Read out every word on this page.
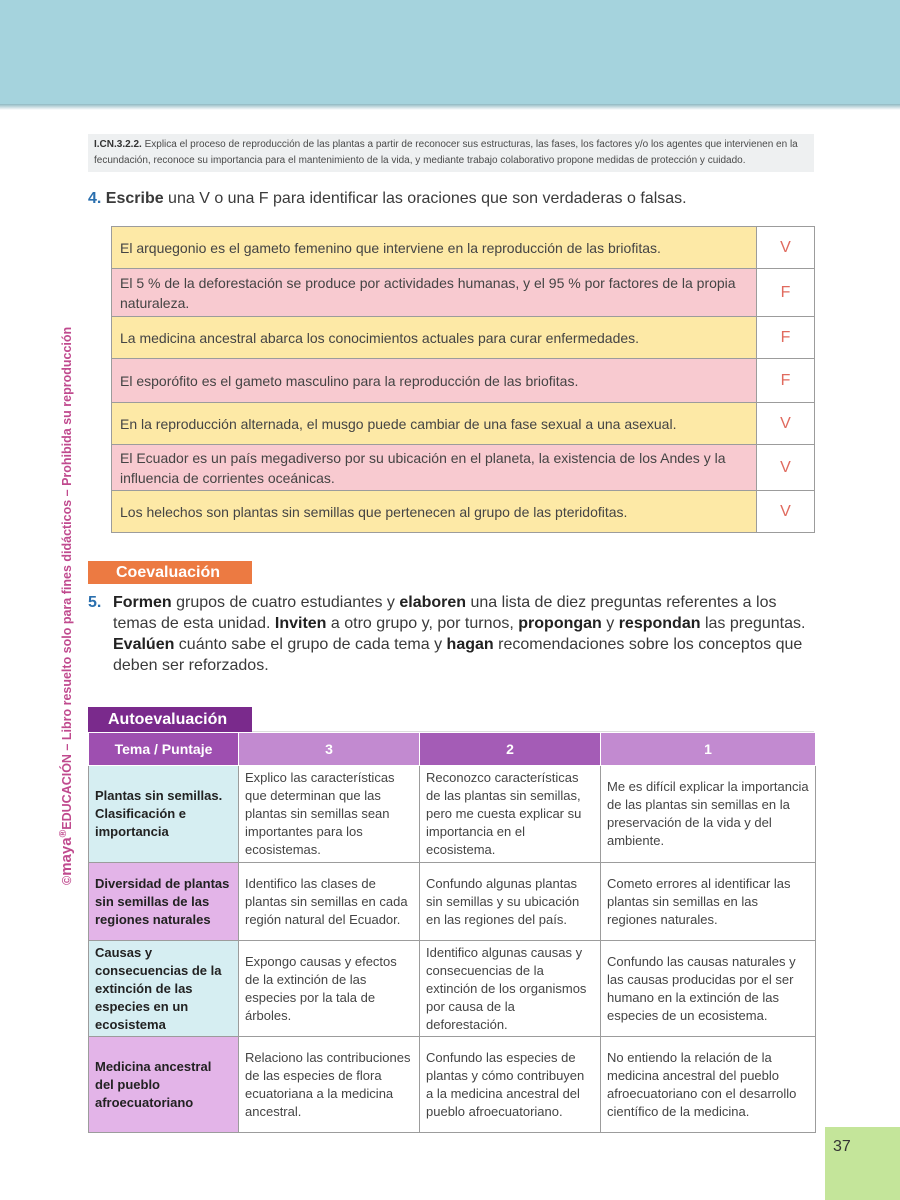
©maya®EDUCACIÓN – Libro resuelto solo para fines didácticos – Prohibida su reproducción
I.CN.3.2.2. Explica el proceso de reproducción de las plantas a partir de reconocer sus estructuras, las fases, los factores y/o los agentes que intervienen en la fecundación, reconoce su importancia para el mantenimiento de la vida, y mediante trabajo colaborativo propone medidas de protección y cuidado.
4. Escribe una V o una F para identificar las oraciones que son verdaderas o falsas.
El arquegonio es el gameto femenino que interviene en la reproducción de las briofitas.	V
El 5 % de la deforestación se produce por actividades humanas, y el 95 % por factores de la propia naturaleza.	F
La medicina ancestral abarca los conocimientos actuales para curar enfermedades.	F
El esporófito es el gameto masculino para la reproducción de las briofitas.	F
En la reproducción alternada, el musgo puede cambiar de una fase sexual a una asexual.	V
El Ecuador es un país megadiverso por su ubicación en el planeta, la existencia de los Andes y la influencia de corrientes oceánicas.	V
Los helechos son plantas sin semillas que pertenecen al grupo de las pteridofitas.	V
Coevaluación
5. Formen grupos de cuatro estudiantes y elaboren una lista de diez preguntas referentes a los temas de esta unidad. Inviten a otro grupo y, por turnos, propongan y respondan las preguntas. Evalúen cuánto sabe el grupo de cada tema y hagan recomendaciones sobre los conceptos que deben ser reforzados.
Autoevaluación
Tema / Puntaje	3	2	1
Plantas sin semillas. Clasificación e importancia	Explico las características que determinan que las plantas sin semillas sean importantes para los ecosistemas.	Reconozco características de las plantas sin semillas, pero me cuesta explicar su importancia en el ecosistema.	Me es difícil explicar la importancia de las plantas sin semillas en la preservación de la vida y del ambiente.
Diversidad de plantas sin semillas de las regiones naturales	Identifico las clases de plantas sin semillas en cada región natural del Ecuador.	Confundo algunas plantas sin semillas y su ubicación en las regiones del país.	Cometo errores al identificar las plantas sin semillas en las regiones naturales.
Causas y consecuencias de la extinción de las especies en un ecosistema	Expongo causas y efectos de la extinción de las especies por la tala de árboles.	Identifico algunas causas y consecuencias de la extinción de los organismos por causa de la deforestación.	Confundo las causas naturales y las causas producidas por el ser humano en la extinción de las especies de un ecosistema.
Medicina ancestral del pueblo afroecuatoriano	Relaciono las contribuciones de las especies de flora ecuatoriana a la medicina ancestral.	Confundo las especies de plantas y cómo contribuyen a la medicina ancestral del pueblo afroecuatoriano.	No entiendo la relación de la medicina ancestral del pueblo afroecuatoriano con el desarrollo científico de la medicina.
37
